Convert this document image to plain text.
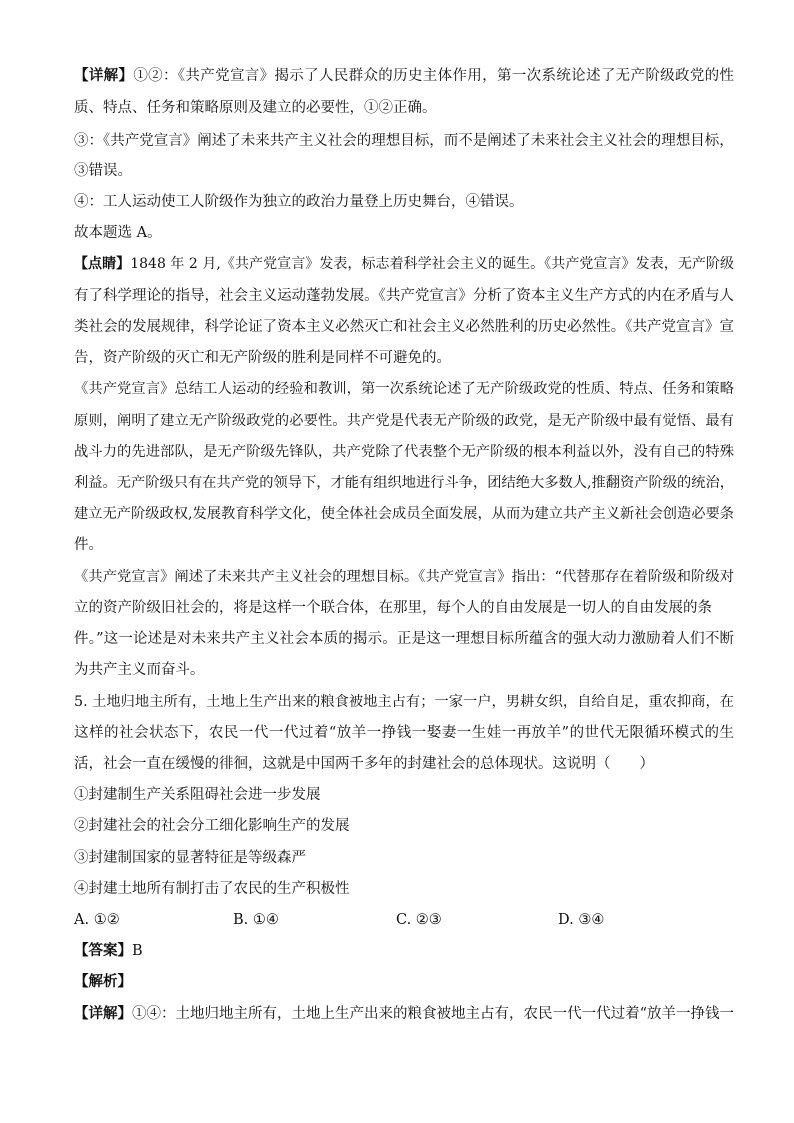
【详解】①②：《共产党宣言》揭示了人民群众的历史主体作用，第一次系统论述了无产阶级政党的性
质、特点、任务和策略原则及建立的必要性，①②正确。
③：《共产党宣言》阐述了未来共产主义社会的理想目标，而不是阐述了未来社会主义社会的理想目标，
③错误。
④：工人运动使工人阶级作为独立的政治力量登上历史舞台，④错误。
故本题选 A。
【点睛】1848 年 2 月,《共产党宣言》发表，标志着科学社会主义的诞生。《共产党宣言》发表，无产阶级
有了科学理论的指导，社会主义运动蓬勃发展。《共产党宣言》分析了资本主义生产方式的内在矛盾与人
类社会的发展规律，科学论证了资本主义必然灭亡和社会主义必然胜利的历史必然性。《共产党宣言》宣
告，资产阶级的灭亡和无产阶级的胜利是同样不可避免的。
《共产党宣言》总结工人运动的经验和教训，第一次系统论述了无产阶级政党的性质、特点、任务和策略
原则，阐明了建立无产阶级政党的必要性。共产党是代表无产阶级的政党，是无产阶级中最有觉悟、最有
战斗力的先进部队，是无产阶级先锋队，共产党除了代表整个无产阶级的根本利益以外，没有自己的特殊
利益。无产阶级只有在共产党的领导下，才能有组织地进行斗争，团结绝大多数人,推翻资产阶级的统治，
建立无产阶级政权,发展教育科学文化，使全体社会成员全面发展，从而为建立共产主义新社会创造必要条
件。
《共产党宣言》阐述了未来共产主义社会的理想目标。《共产党宣言》指出：“代替那存在着阶级和阶级对
立的资产阶级旧社会的，将是这样一个联合体，在那里，每个人的自由发展是一切人的自由发展的条
件。”这一论述是对未来共产主义社会本质的揭示。正是这一理想目标所蕴含的强大动力激励着人们不断
为共产主义而奋斗。
5. 土地归地主所有，土地上生产出来的粮食被地主占有；一家一户，男耕女织，自给自足，重农抑商，在
这样的社会状态下，农民一代一代过着“放羊一挣钱一娶妻一生娃一再放羊”的世代无限循环模式的生
活，社会一直在缓慢的徘徊，这就是中国两千多年的封建社会的总体现状。这说明（　　）
①封建制生产关系阻碍社会进一步发展
②封建社会的社会分工细化影响生产的发展
③封建制国家的显著特征是等级森严
④封建土地所有制打击了农民的生产积极性
A. ①②	B. ①④	C. ②③	D. ③④
【答案】B
【解析】
【详解】①④：土地归地主所有，土地上生产出来的粮食被地主占有，农民一代一代过着“放羊一挣钱一
